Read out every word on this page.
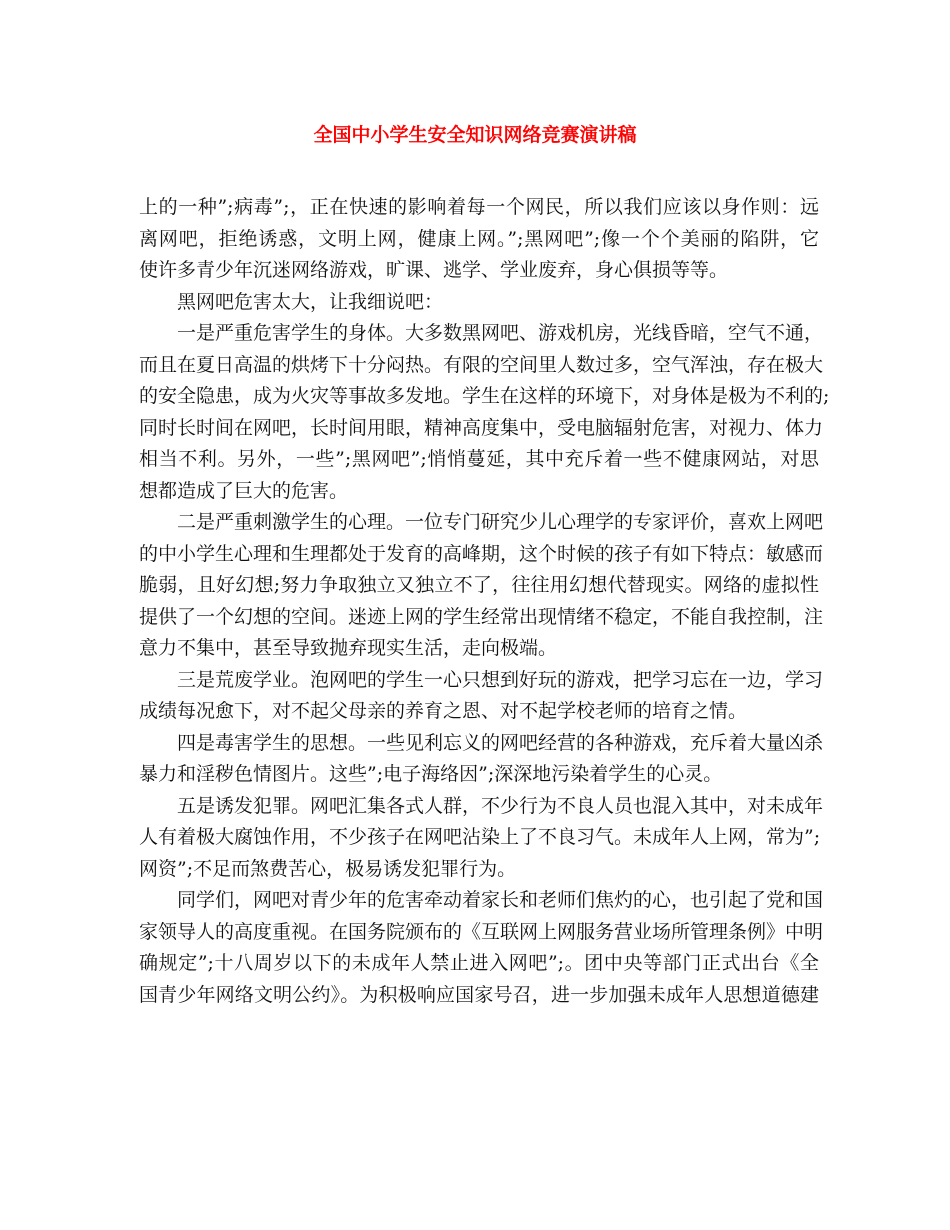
全国中小学生安全知识网络竞赛演讲稿
上的一种”;病毒”;，正在快速的影响着每一个网民，所以我们应该以身作则：远
离网吧，拒绝诱惑，文明上网，健康上网。”;黑网吧”;像一个个美丽的陷阱，它
使许多青少年沉迷网络游戏，旷课、逃学、学业废弃，身心俱损等等。
黑网吧危害太大，让我细说吧：
一是严重危害学生的身体。大多数黑网吧、游戏机房，光线昏暗，空气不通，
而且在夏日高温的烘烤下十分闷热。有限的空间里人数过多，空气浑浊，存在极大
的安全隐患，成为火灾等事故多发地。学生在这样的环境下，对身体是极为不利的;
同时长时间在网吧，长时间用眼，精神高度集中，受电脑辐射危害，对视力、体力
相当不利。另外，一些”;黑网吧”;悄悄蔓延，其中充斥着一些不健康网站，对思
想都造成了巨大的危害。
二是严重刺激学生的心理。一位专门研究少儿心理学的专家评价，喜欢上网吧
的中小学生心理和生理都处于发育的高峰期，这个时候的孩子有如下特点：敏感而
脆弱，且好幻想;努力争取独立又独立不了，往往用幻想代替现实。网络的虚拟性
提供了一个幻想的空间。迷迹上网的学生经常出现情绪不稳定，不能自我控制，注
意力不集中，甚至导致抛弃现实生活，走向极端。
三是荒废学业。泡网吧的学生一心只想到好玩的游戏，把学习忘在一边，学习
成绩每况愈下，对不起父母亲的养育之恩、对不起学校老师的培育之情。
四是毒害学生的思想。一些见利忘义的网吧经营的各种游戏，充斥着大量凶杀
暴力和淫秽色情图片。这些”;电子海络因”;深深地污染着学生的心灵。
五是诱发犯罪。网吧汇集各式人群，不少行为不良人员也混入其中，对未成年
人有着极大腐蚀作用，不少孩子在网吧沾染上了不良习气。未成年人上网，常为”;
网资”;不足而煞费苦心，极易诱发犯罪行为。
同学们，网吧对青少年的危害牵动着家长和老师们焦灼的心，也引起了党和国
家领导人的高度重视。在国务院颁布的《互联网上网服务营业场所管理条例》中明
确规定”;十八周岁以下的未成年人禁止进入网吧”;。团中央等部门正式出台《全
国青少年网络文明公约》。为积极响应国家号召，进一步加强未成年人思想道德建
